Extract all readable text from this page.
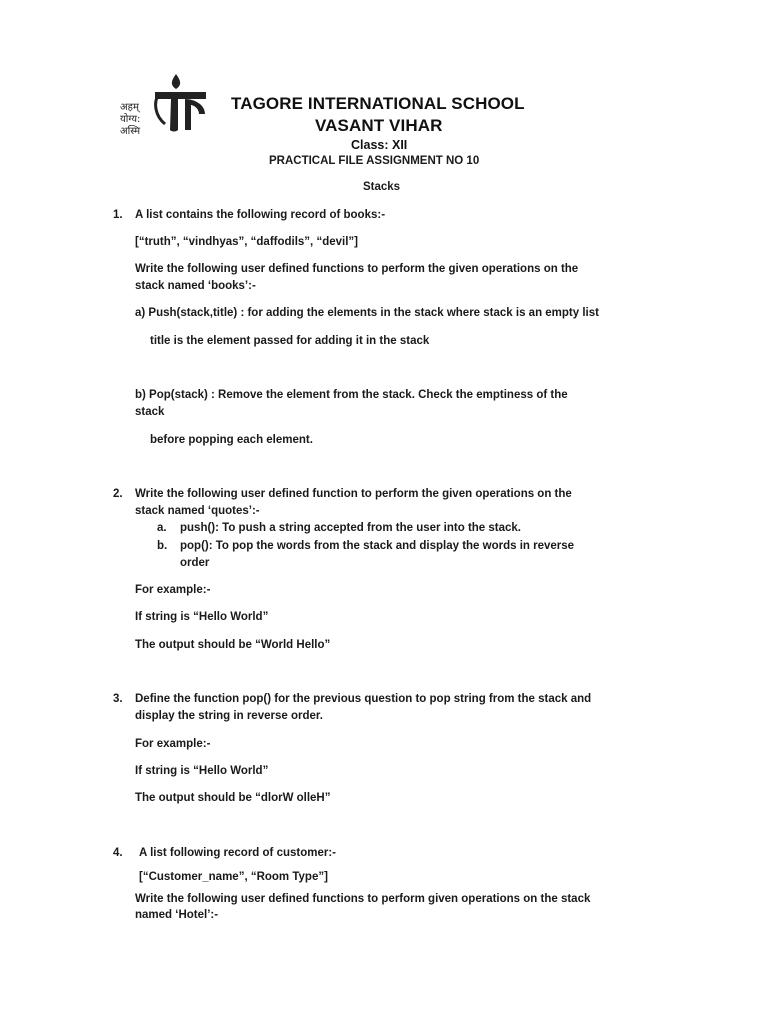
अहम्
योग्य:
अस्मि
TAGORE INTERNATIONAL SCHOOL
VASANT VIHAR
Class: XII
PRACTICAL FILE ASSIGNMENT NO 10
Stacks
1. A list contains the following record of books:-
[“truth”, “vindhyas”, “daffodils”, “devil”]
Write the following user defined functions to perform the given operations on the
stack named ‘books’:-
a) Push(stack,title) : for adding the elements in the stack where stack is an empty list
title is the element passed for adding it in the stack
b) Pop(stack) : Remove the element from the stack. Check the emptiness of the
stack
before popping each element.
2. Write the following user defined function to perform the given operations on the
stack named ‘quotes’:-
a. push(): To push a string accepted from the user into the stack.
b. pop(): To pop the words from the stack and display the words in reverse
order
For example:-
If string is “Hello World”
The output should be “World Hello”
3. Define the function pop() for the previous question to pop string from the stack and
display the string in reverse order.
For example:-
If string is “Hello World”
The output should be “dlorW olleH”
4. A list following record of customer:-
[“Customer_name”, “Room Type”]
Write the following user defined functions to perform given operations on the stack
named ‘Hotel’:-
